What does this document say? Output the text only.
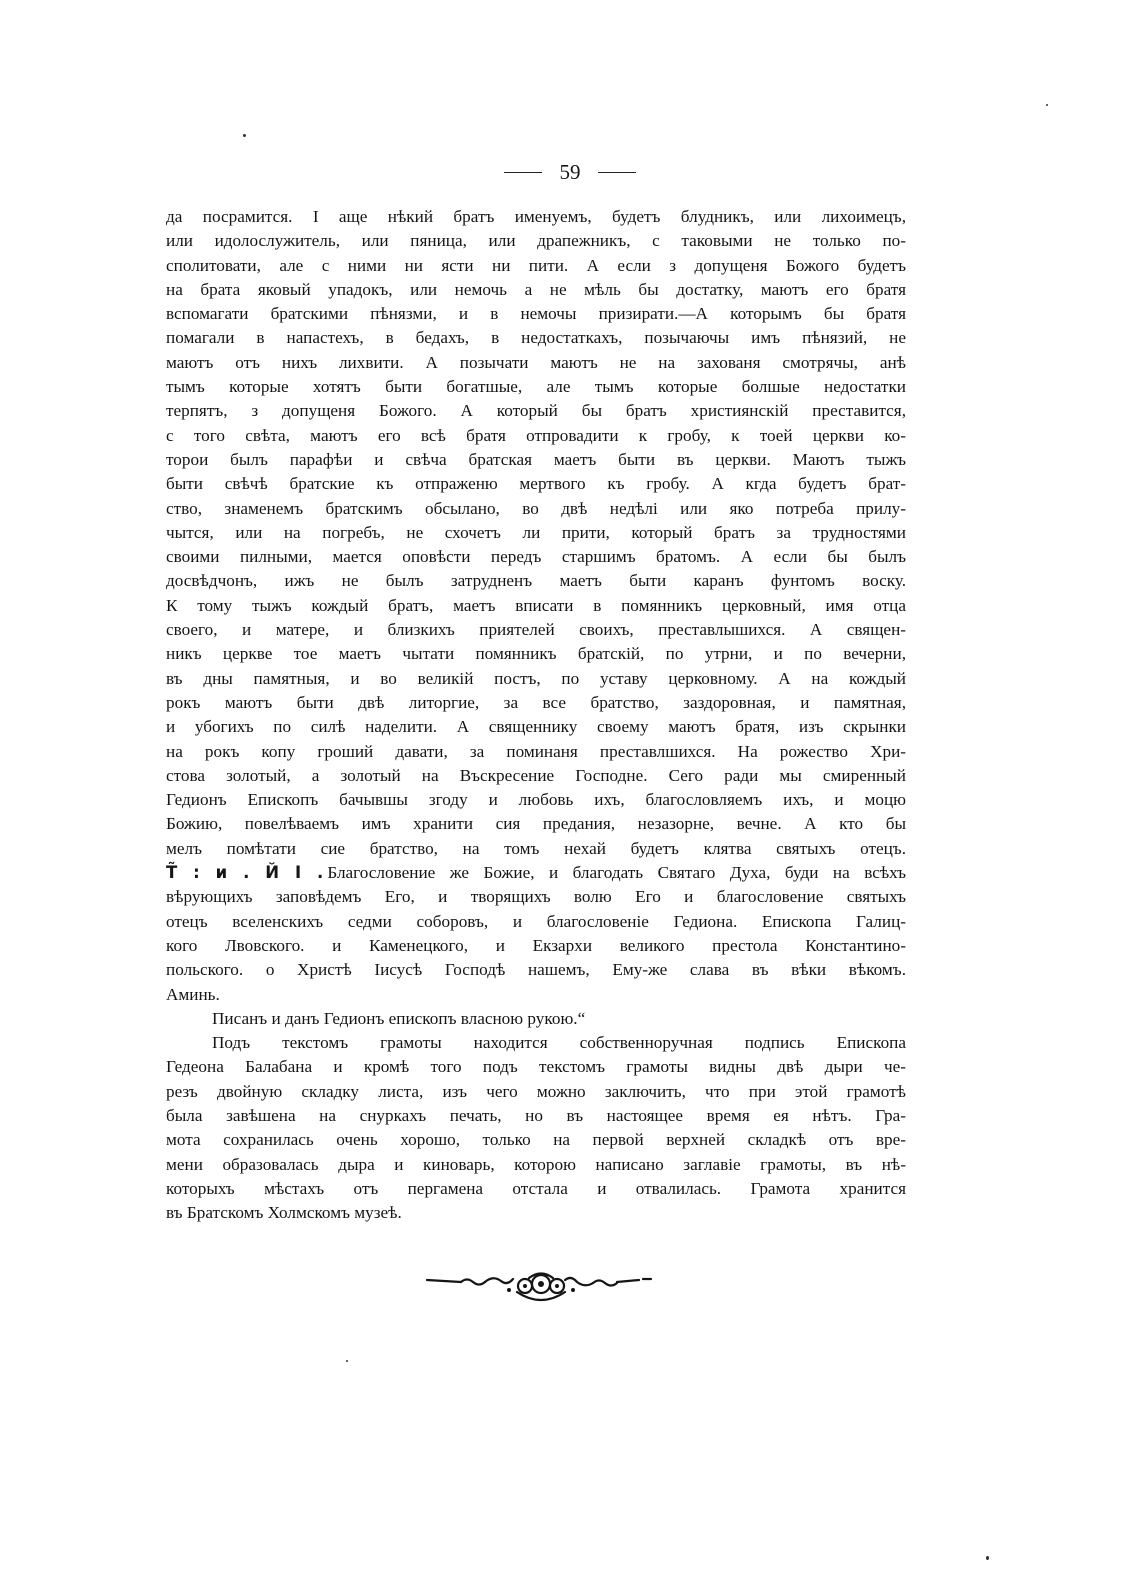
59
да посрамится. I аще нѣкий братъ именуемъ, будетъ блудникъ, или лихоимецъ,
или идолослужитель, или пяница, или драпежникъ, с таковыми не только по-
сполитовати, але с ними ни ясти ни пити. А если з допущеня Божого будетъ
на брата яковый упадокъ, или немочь а не мѣль бы достатку, маютъ его братя
вспомагати братскими пѣнязми, и в немочы призирати.—А которымъ бы братя
помагали в напастехъ, в бедахъ, в недостаткахъ, позычаючы имъ пѣнязий, не
маютъ отъ нихъ лихвити. А позычати маютъ не на захованя смотрячы, анѣ
тымъ которые хотятъ быти богатшые, але тымъ которые болшые недостатки
терпятъ, з допущеня Божого. А который бы братъ християнскій преставится,
с того свѣта, маютъ его всѣ братя отпровадити к гробу, к тоей церкви ко-
торои былъ парафѣи и свѣча братская маетъ быти въ церкви. Маютъ тыжъ
быти свѣчѣ братские къ отпраженю мертвого къ гробу. А кгда будетъ брат-
ство, знаменемъ братскимъ обсылано, во двѣ недѣлі или яко потреба прилу-
чытся, или на погребъ, не схочетъ ли прити, который братъ за трудностями
своими пилными, мается оповѣсти передъ старшимъ братомъ. А если бы былъ
досвѣдчонъ, ижъ не былъ затрудненъ маетъ быти каранъ фунтомъ воску.
К тому тыжъ кождый братъ, маетъ вписати в помянникъ церковный, имя отца
своего, и матере, и близкихъ приятелей своихъ, преставлышихся. А священ-
никъ церкве тое маетъ чытати помянникъ братскій, по утрни, и по вечерни,
въ дны памятныя, и во великій постъ, по уставу церковному. А на кождый
рокъ маютъ быти двѣ литоргие, за все братство, заздоровная, и памятная,
и убогихъ по силѣ наделити. А священнику своему маютъ братя, изъ скрынки
на рокъ копу гроший давати, за поминаня преставлшихся. На рожество Хри-
стова золотый, а золотый на Въскресение Господне. Сего ради мы смиренный
Гедионъ Епископъ бачывшы згоду и любовь ихъ, благословляемъ ихъ, и моцю
Божию, повелѣваемъ имъ хранити сия предания, незазорне, вечне. А кто бы
мелъ помѣтати сие братство, на томъ нехай будетъ клятва святыхъ отецъ.
Т̃ : и . Й І . Благословение же Божие, и благодать Святаго Духа, буди на всѣхъ
вѣрующихъ заповѣдемъ Его, и творящихъ волю Его и благословение святыхъ
отецъ вселенскихъ седми соборовъ, и благословеніе Гедиона. Епископа Галиц-
кого Лвовского. и Каменецкого, и Екзархи великого престола Константино-
польского. о Христѣ Iисусѣ Господѣ нашемъ, Ему-же слава въ вѣки вѣкомъ.
Аминь.
Писанъ и данъ Гедионъ епископъ власною рукою.“
Подъ текстомъ грамоты находится собственноручная подпись Епископа
Гедеона Балабана и кромѣ того подъ текстомъ грамоты видны двѣ дыри че-
резъ двойную складку листа, изъ чего можно заключить, что при этой грамотѣ
была завѣшена на снуркахъ печать, но въ настоящее время ея нѣтъ. Гра-
мота сохранилась очень хорошо, только на первой верхней складкѣ отъ вре-
мени образовалась дыра и киноварь, которою написано заглавіе грамоты, въ нѣ-
которыхъ мѣстахъ отъ пергамена отстала и отвалилась. Грамота хранится
въ Братскомъ Холмскомъ музеѣ.
